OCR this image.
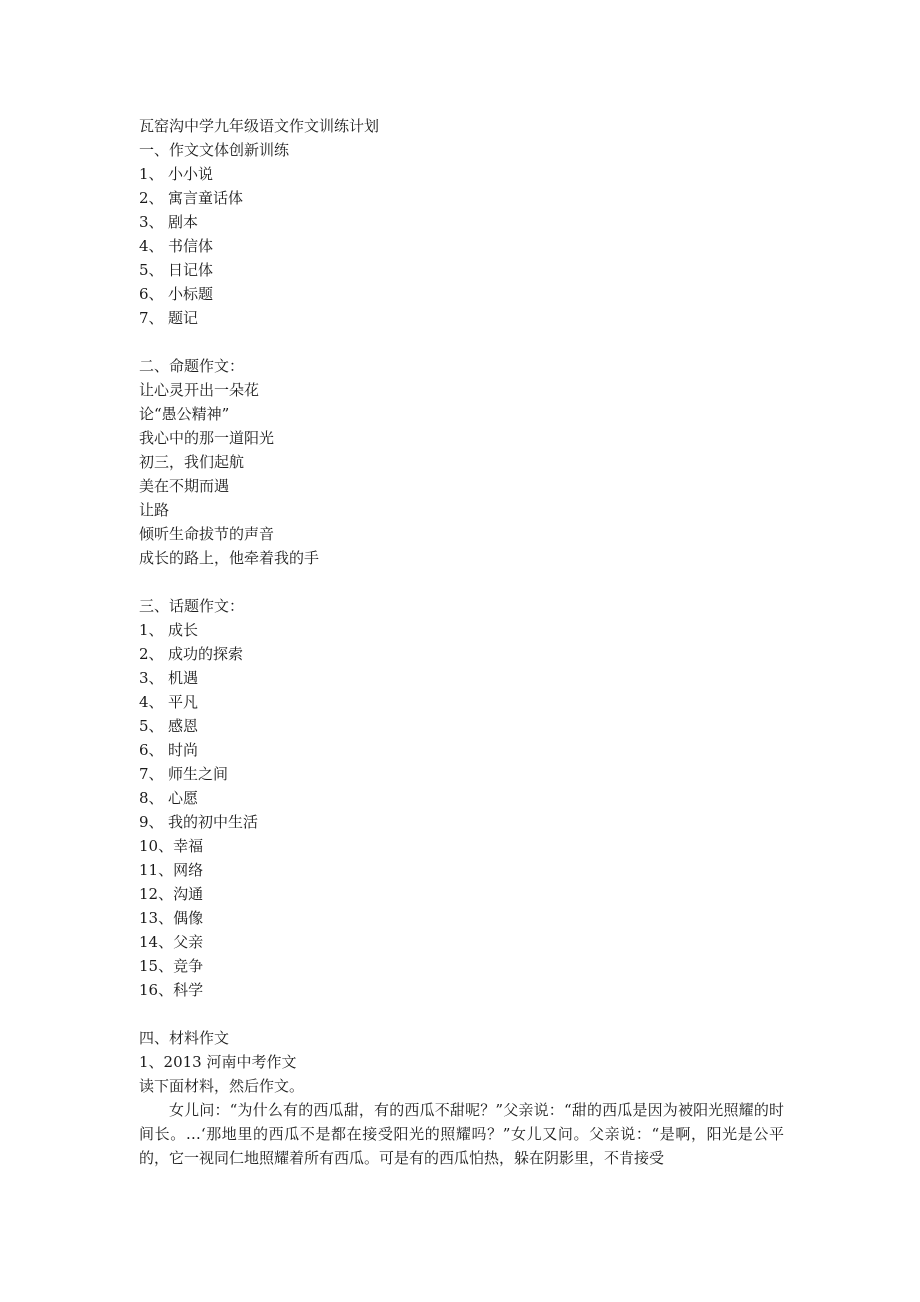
瓦窑沟中学九年级语文作文训练计划
一、作文文体创新训练
1、 小小说
2、 寓言童话体
3、 剧本
4、 书信体
5、 日记体
6、 小标题
7、 题记
二、命题作文：
让心灵开出一朵花
论“愚公精神”
我心中的那一道阳光
初三，我们起航
美在不期而遇
让路
倾听生命拔节的声音
成长的路上，他牵着我的手
三、话题作文：
1、 成长
2、 成功的探索
3、 机遇
4、 平凡
5、 感恩
6、 时尚
7、 师生之间
8、 心愿
9、 我的初中生活
10、幸福
11、网络
12、沟通
13、偶像
14、父亲
15、竞争
16、科学
四、材料作文
1、2013 河南中考作文
读下面材料，然后作文。
女儿问：“为什么有的西瓜甜，有的西瓜不甜呢？”父亲说：“甜的西瓜是因为被阳光照耀的时间长。…‘那地里的西瓜不是都在接受阳光的照耀吗？”女儿又问。父亲说：“是啊，阳光是公平的，它一视同仁地照耀着所有西瓜。可是有的西瓜怕热，躲在阴影里，不肯接受
